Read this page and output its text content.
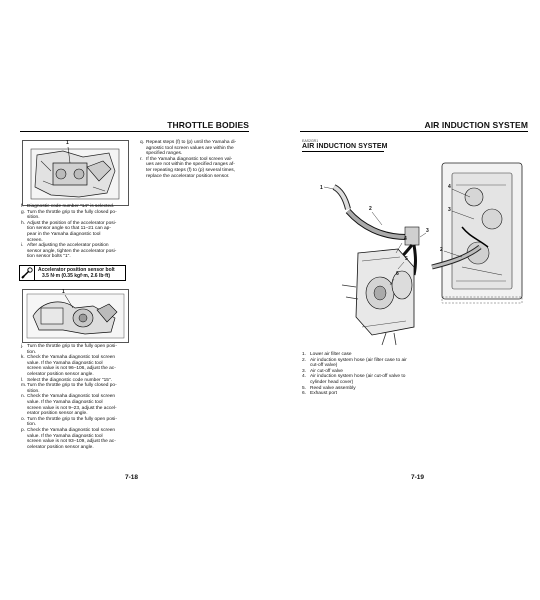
THROTTLE BODIES
1
f. Diagnostic code number "14" is selected.
g. Turn the throttle grip to the fully closed po-
sition.
h. Adjust the position of the accelerator posi-
tion sensor angle so that 11–21 can ap-
pear in the Yamaha diagnostic tool
screen.
i. After adjusting the accelerator position
sensor angle, tighten the accelerator posi-
tion sensor bolts "1".
Accelerator position sensor bolt
3.5 N·m (0.35 kgf·m, 2.6 lb·ft)
1
j. Turn the throttle grip to the fully open posi-
tion.
k. Check the Yamaha diagnostic tool screen
value. If the Yamaha diagnostic tool
screen value is not 96–106, adjust the ac-
celerator position sensor angle.
l. Select the diagnostic code number "15".
m. Turn the throttle grip to the fully closed po-
sition.
n. Check the Yamaha diagnostic tool screen
value. If the Yamaha diagnostic tool
screen value is not 9–23, adjust the accel-
erator position sensor angle.
o. Turn the throttle grip to the fully open posi-
tion.
p. Check the Yamaha diagnostic tool screen
value. If the Yamaha diagnostic tool
screen value is not 93–109, adjust the ac-
celerator position sensor angle.
q. Repeat steps (f) to (p) until the Yamaha di-
agnostic tool screen values are within the
specified ranges.
r. If the Yamaha diagnostic tool screen val-
ues are not within the specified ranges af-
ter repeating steps (f) to (p) several times,
replace the accelerator position sensor.
7-18
AIR INDUCTION SYSTEM
EAS2GR1
AIR INDUCTION SYSTEM
1
2
3
4
5
6
4
3
2
1. Lower air filter case
2. Air induction system hose (air filter case to air
cut-off valve)
3. Air cut-off valve
4. Air induction system hose (air cut-off valve to
cylinder head cover)
5. Reed valve assembly
6. Exhaust port
7-19
